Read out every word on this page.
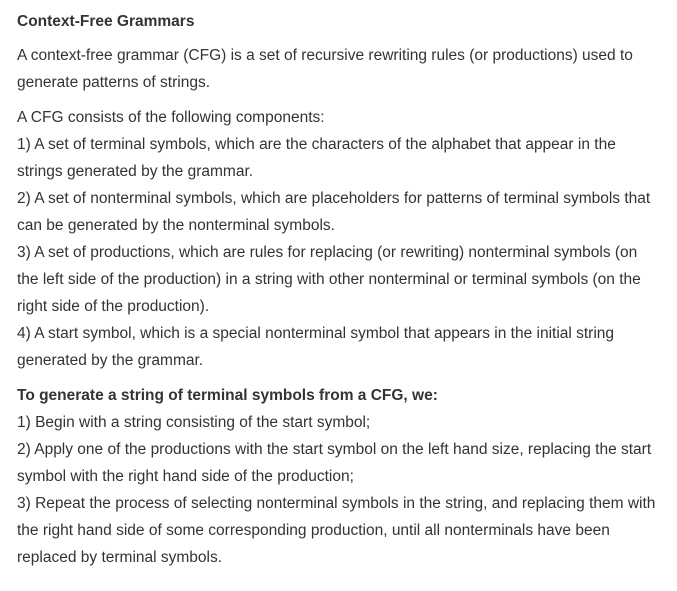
Context-Free Grammars

A context-free grammar (CFG) is a set of recursive rewriting rules (or productions) used to generate patterns of strings.

A CFG consists of the following components:
1) A set of terminal symbols, which are the characters of the alphabet that appear in the strings generated by the grammar.
2) A set of nonterminal symbols, which are placeholders for patterns of terminal symbols that can be generated by the nonterminal symbols.
3) A set of productions, which are rules for replacing (or rewriting) nonterminal symbols (on the left side of the production) in a string with other nonterminal or terminal symbols (on the right side of the production).
4) A start symbol, which is a special nonterminal symbol that appears in the initial string generated by the grammar.

To generate a string of terminal symbols from a CFG, we:
1) Begin with a string consisting of the start symbol;
2) Apply one of the productions with the start symbol on the left hand size, replacing the start symbol with the right hand side of the production;
3) Repeat the process of selecting nonterminal symbols in the string, and replacing them with the right hand side of some corresponding production, until all nonterminals have been replaced by terminal symbols.
